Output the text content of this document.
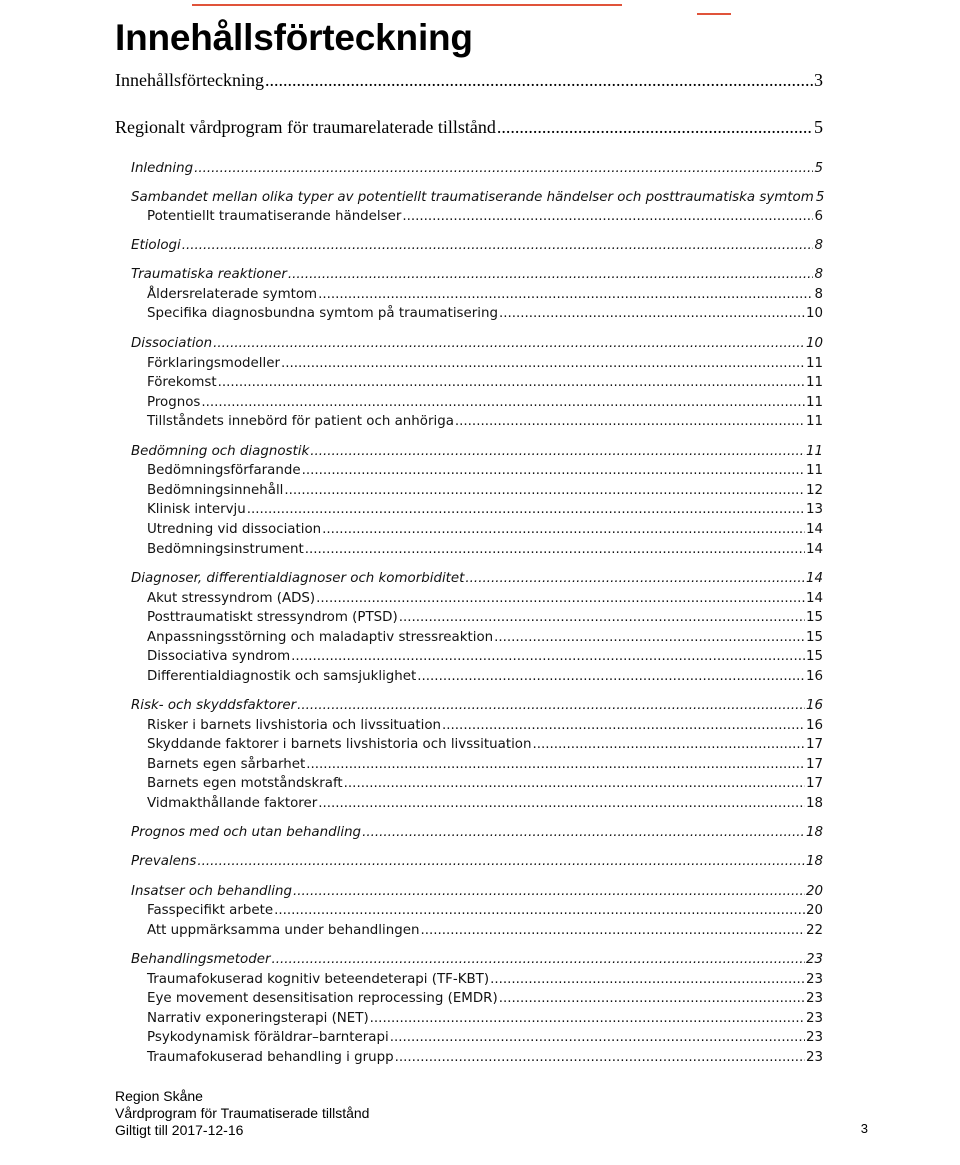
Innehållsförteckning
Innehållsförteckning .....	3
Regionalt vårdprogram för traumarelaterade tillstånd .....	5
Inledning .....	5
Sambandet mellan olika typer av potentiellt traumatiserande händelser och posttraumatiska symtom 5
Potentiellt traumatiserande händelser .....	6
Etiologi .....	8
Traumatiska reaktioner .....	8
Åldersrelaterade symtom .....	8
Specifika diagnosbundna symtom på traumatisering .....	10
Dissociation .....	10
Förklaringsmodeller .....	11
Förekomst .....	11
Prognos .....	11
Tillståndets innebörd för patient och anhöriga .....	11
Bedömning och diagnostik .....	11
Bedömningsförfarande .....	11
Bedömningsinnehåll .....	12
Klinisk intervju .....	13
Utredning vid dissociation .....	14
Bedömningsinstrument .....	14
Diagnoser, differentialdiagnoser och komorbiditet .....	14
Akut stressyndrom (ADS) .....	14
Posttraumatiskt stressyndrom (PTSD) .....	15
Anpassningsstörning och maladaptiv stressreaktion .....	15
Dissociativa syndrom .....	15
Differentialdiagnostik och samsjuklighet .....	16
Risk- och skyddsfaktorer .....	16
Risker i barnets livshistoria och livssituation .....	16
Skyddande faktorer i barnets livshistoria och livssituation .....	17
Barnets egen sårbarhet .....	17
Barnets egen motståndskraft .....	17
Vidmakthållande faktorer .....	18
Prognos med och utan behandling .....	18
Prevalens .....	18
Insatser och behandling .....	20
Fasspecifikt arbete .....	20
Att uppmärksamma under behandlingen .....	22
Behandlingsmetoder .....	23
Traumafokuserad kognitiv beteendeterapi (TF-KBT) .....	23
Eye movement desensitisation reprocessing (EMDR) .....	23
Narrativ exponeringsterapi (NET) .....	23
Psykodynamisk föräldrar–barnterapi .....	23
Traumafokuserad behandling i grupp .....	23
Region Skåne
Vårdprogram för Traumatiserade tillstånd
Giltigt till 2017-12-16	3
